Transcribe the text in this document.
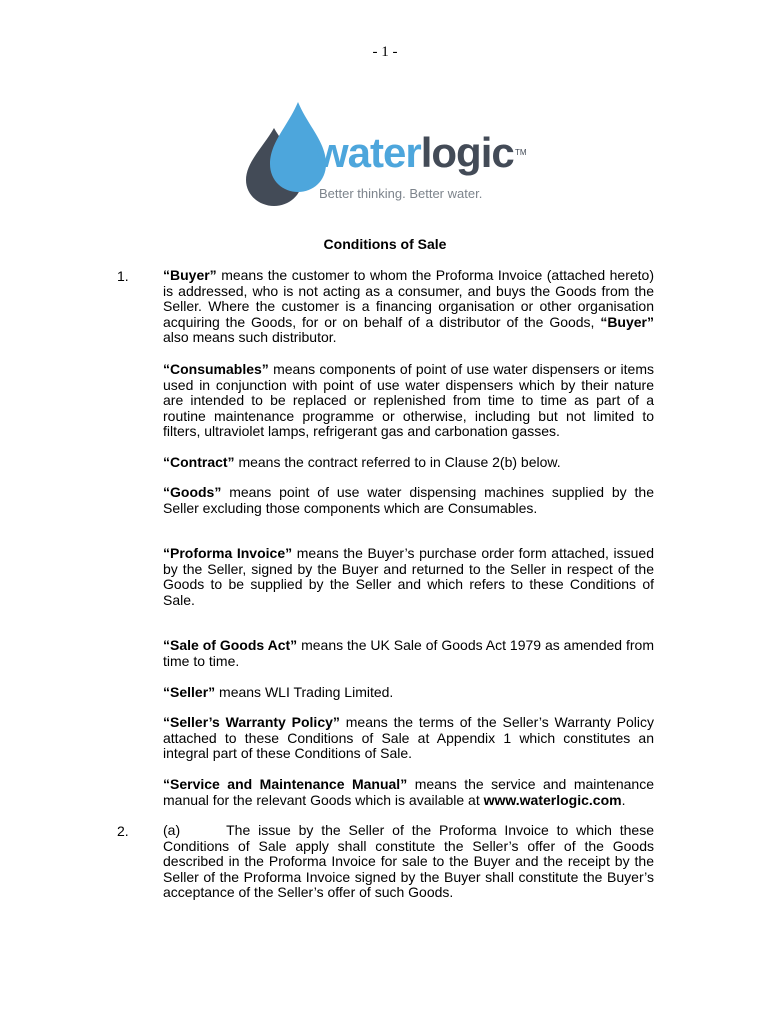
- 1 -
waterlogic TM
Better thinking. Better water.
Conditions of Sale
1. “Buyer” means the customer to whom the Proforma Invoice (attached hereto) is addressed, who is not acting as a consumer, and buys the Goods from the Seller. Where the customer is a financing organisation or other organisation acquiring the Goods, for or on behalf of a distributor of the Goods, “Buyer” also means such distributor.
“Consumables” means components of point of use water dispensers or items used in conjunction with point of use water dispensers which by their nature are intended to be replaced or replenished from time to time as part of a routine maintenance programme or otherwise, including but not limited to filters, ultraviolet lamps, refrigerant gas and carbonation gasses.
“Contract” means the contract referred to in Clause 2(b) below.
“Goods” means point of use water dispensing machines supplied by the Seller excluding those components which are Consumables.
“Proforma Invoice” means the Buyer’s purchase order form attached, issued by the Seller, signed by the Buyer and returned to the Seller in respect of the Goods to be supplied by the Seller and which refers to these Conditions of Sale.
“Sale of Goods Act” means the UK Sale of Goods Act 1979 as amended from time to time.
“Seller” means WLI Trading Limited.
“Seller’s Warranty Policy” means the terms of the Seller’s Warranty Policy attached to these Conditions of Sale at Appendix 1 which constitutes an integral part of these Conditions of Sale.
“Service and Maintenance Manual” means the service and maintenance manual for the relevant Goods which is available at www.waterlogic.com.
2. (a)	The issue by the Seller of the Proforma Invoice to which these Conditions of Sale apply shall constitute the Seller’s offer of the Goods described in the Proforma Invoice for sale to the Buyer and the receipt by the Seller of the Proforma Invoice signed by the Buyer shall constitute the Buyer’s acceptance of the Seller’s offer of such Goods.
